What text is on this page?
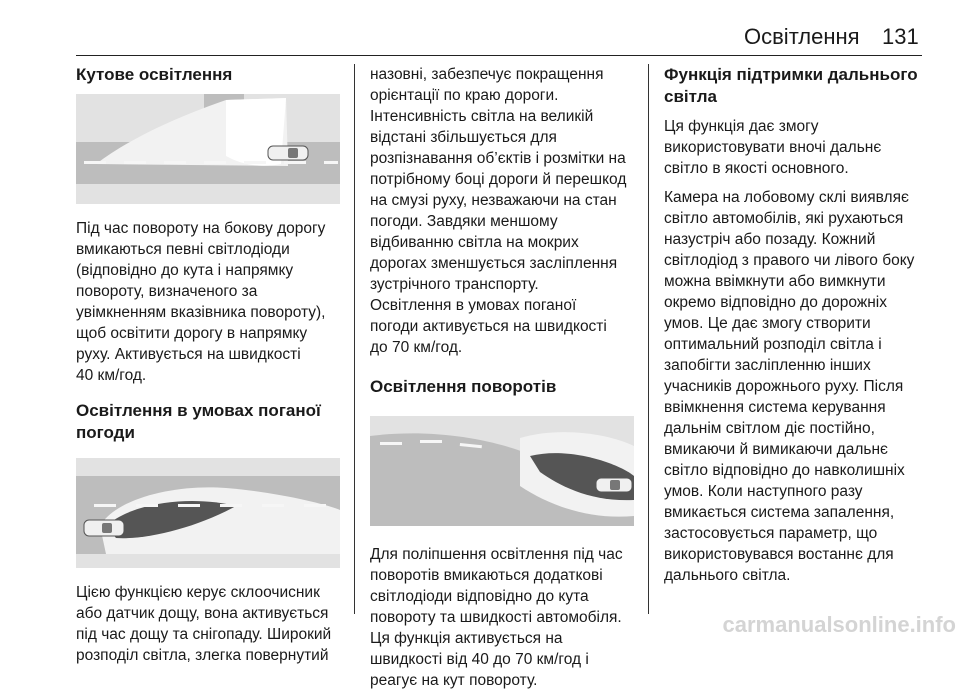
Освітлення 131
Кутове освітлення

Під час повороту на бокову дорогу
вмикаються певні світлодіоди
(відповідно до кута і напрямку
повороту, визначеного за
увімкненням вказівника повороту),
щоб освітити дорогу в напрямку
руху. Активується на швидкості
40 км/год.

Освітлення в умовах поганої
погоди

Цією функцією керує склоочисник
або датчик дощу, вона активується
під час дощу та снігопаду. Широкий
розподіл світла, злегка повернутий

назовні, забезпечує покращення
орієнтації по краю дороги.
Інтенсивність світла на великій
відстані збільшується для
розпізнавання об’єктів і розмітки на
потрібному боці дороги й перешкод
на смузі руху, незважаючи на стан
погоди. Завдяки меншому
відбиванню світла на мокрих
дорогах зменшується засліплення
зустрічного транспорту.
Освітлення в умовах поганої
погоди активується на швидкості
до 70 км/год.

Освітлення поворотів

Для поліпшення освітлення під час
поворотів вмикаються додаткові
світлодіоди відповідно до кута
повороту та швидкості автомобіля.
Ця функція активується на
швидкості від 40 до 70 км/год і
реагує на кут повороту.

Функція підтримки дальнього
світла

Ця функція дає змогу
використовувати вночі дальнє
світло в якості основного.

Камера на лобовому склі виявляє
світло автомобілів, які рухаються
назустріч або позаду. Кожний
світлодіод з правого чи лівого боку
можна ввімкнути або вимкнути
окремо відповідно до дорожніх
умов. Це дає змогу створити
оптимальний розподіл світла і
запобігти засліпленню інших
учасників дорожнього руху. Після
ввімкнення система керування
дальнім світлом діє постійно,
вмикаючи й вимикаючи дальнє
світло відповідно до навколишніх
умов. Коли наступного разу
вмикається система запалення,
застосовується параметр, що
використовувався востаннє для
дальнього світла.

carmanualsonline.info
